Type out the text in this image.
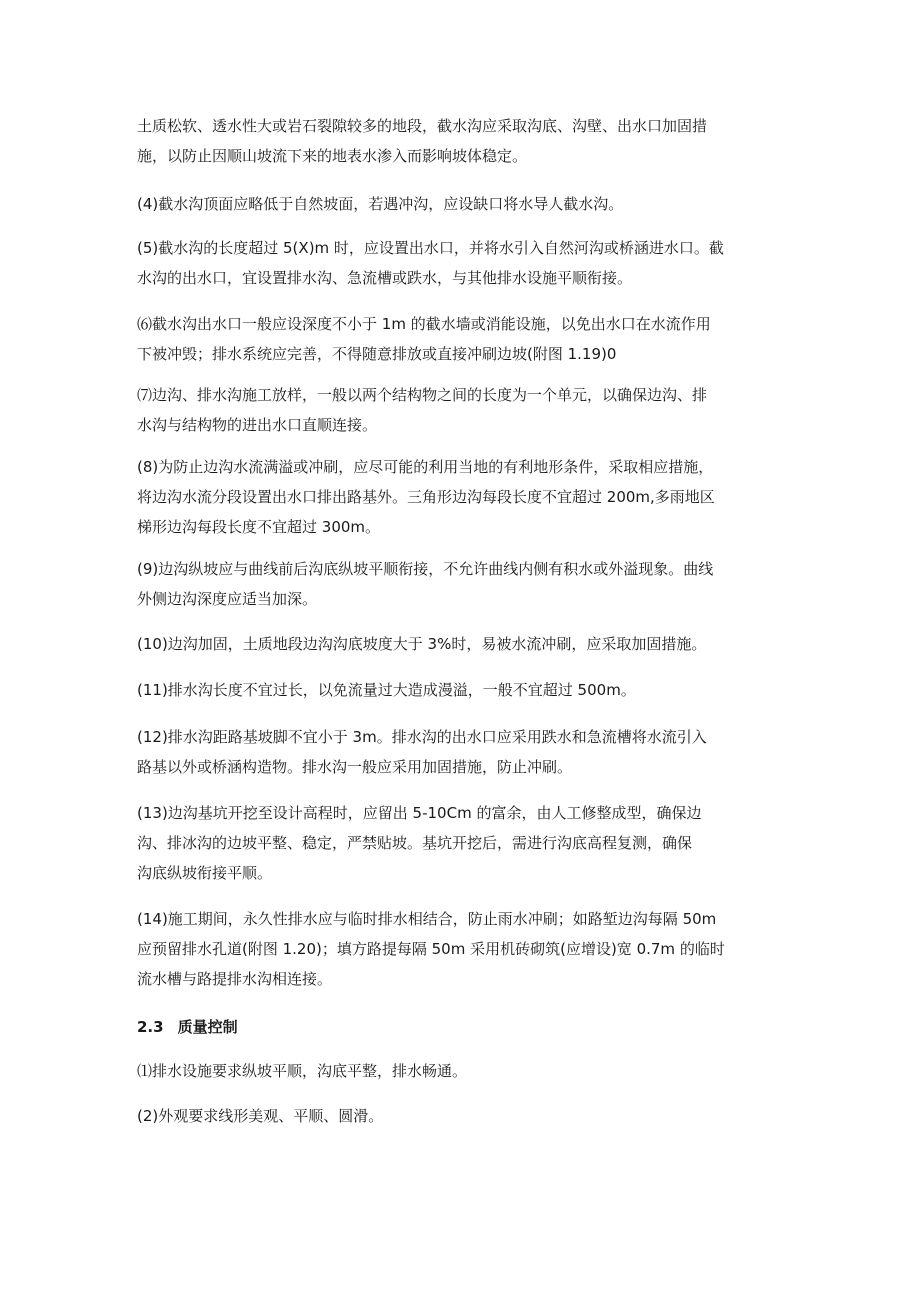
土质松软、透水性大或岩石裂隙较多的地段，截水沟应采取沟底、沟壁、出水口加固措
施，以防止因顺山坡流下来的地表水渗入而影响坡体稳定。

(4)截水沟顶面应略低于自然坡面，若遇冲沟，应设缺口将水导人截水沟。

(5)截水沟的长度超过 5(X)m 时，应设置出水口，并将水引入自然河沟或桥涵进水口。截
水沟的出水口，宜设置排水沟、急流槽或跌水，与其他排水设施平顺衔接。

⑹截水沟出水口一般应设深度不小于 1m 的截水墙或消能设施，以免出水口在水流作用
下被冲毁；排水系统应完善，不得随意排放或直接冲刷边坡(附图 1.19)0

⑺边沟、排水沟施工放样，一般以两个结构物之间的长度为一个单元，以确保边沟、排
水沟与结构物的进出水口直顺连接。

(8)为防止边沟水流满溢或冲刷，应尽可能的利用当地的有利地形条件，采取相应措施，
将边沟水流分段设置出水口排出路基外。三角形边沟每段长度不宜超过 200m,多雨地区
梯形边沟每段长度不宜超过 300m。

(9)边沟纵坡应与曲线前后沟底纵坡平顺衔接，不允许曲线内侧有积水或外溢现象。曲线
外侧边沟深度应适当加深。

(10)边沟加固，土质地段边沟沟底坡度大于 3%时，易被水流冲刷，应采取加固措施。

(11)排水沟长度不宜过长，以免流量过大造成漫溢，一般不宜超过 500m。

(12)排水沟距路基坡脚不宜小于 3m。排水沟的出水口应采用跌水和急流槽将水流引入
路基以外或桥涵构造物。排水沟一般应采用加固措施，防止冲刷。

(13)边沟基坑开挖至设计高程时，应留出 5-10Cm 的富余，由人工修整成型，确保边
沟、排冰沟的边坡平整、稳定，严禁贴坡。基坑开挖后，需进行沟底高程复测，确保
沟底纵坡衔接平顺。

(14)施工期间，永久性排水应与临时排水相结合，防止雨水冲刷；如路堑边沟每隔 50m
应预留排水孔道(附图 1.20)；填方路提每隔 50m 采用机砖砌筑(应增设)宽 0.7m 的临时
流水槽与路提排水沟相连接。

2.3 质量控制

⑴排水设施要求纵坡平顺，沟底平整，排水畅通。

(2)外观要求线形美观、平顺、圆滑。
